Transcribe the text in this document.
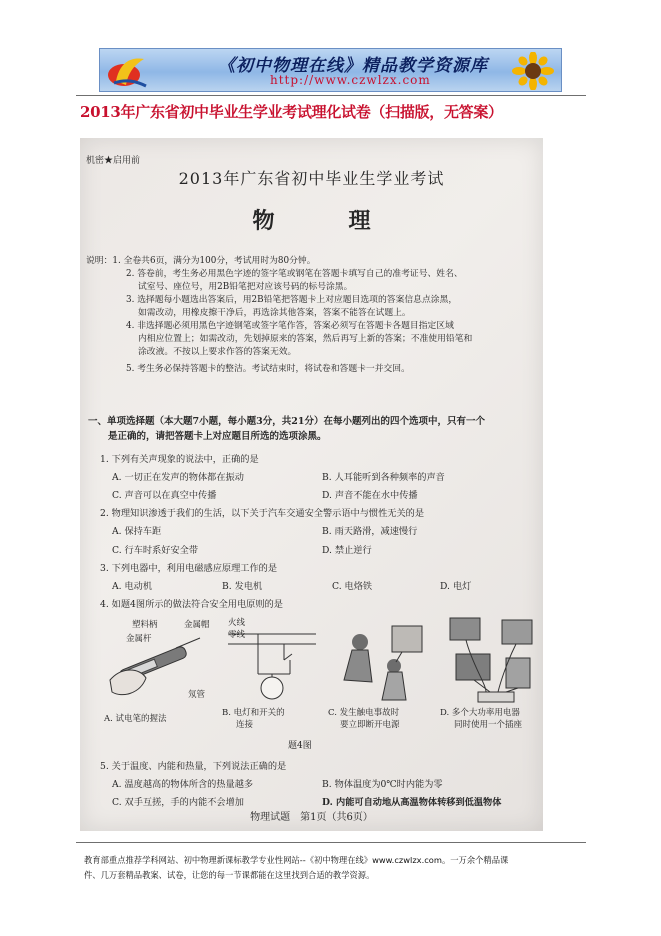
《初中物理在线》精品教学资源库
http://www.czwlzx.com
2013年广东省初中毕业生学业考试理化试卷（扫描版，无答案）
机密★启用前
2013年广东省初中毕业生学业考试
物　理
说明：1. 全卷共6页，满分为100分，考试用时为80分钟。
2. 答卷前，考生务必用黑色字迹的签字笔或钢笔在答题卡填写自己的准考证号、姓名、
试室号、座位号，用2B铅笔把对应该号码的标号涂黑。
3. 选择题每小题选出答案后，用2B铅笔把答题卡上对应题目选项的答案信息点涂黑，
如需改动，用橡皮擦干净后，再选涂其他答案，答案不能答在试题上。
4. 非选择题必须用黑色字迹钢笔或签字笔作答，答案必须写在答题卡各题目指定区域
内相应位置上；如需改动，先划掉原来的答案，然后再写上新的答案；不准使用铅笔和
涂改液。不按以上要求作答的答案无效。
5. 考生务必保持答题卡的整洁。考试结束时，将试卷和答题卡一并交回。
一、单项选择题（本大题7小题，每小题3分，共21分）在每小题列出的四个选项中，只有一个
是正确的，请把答题卡上对应题目所选的选项涂黑。
1. 下列有关声现象的说法中，正确的是
A. 一切正在发声的物体都在振动	B. 人耳能听到各种频率的声音
C. 声音可以在真空中传播	D. 声音不能在水中传播
2. 物理知识渗透于我们的生活，以下关于汽车交通安全警示语中与惯性无关的是
A. 保持车距	B. 雨天路滑，减速慢行
C. 行车时系好安全带	D. 禁止逆行
3. 下列电器中，利用电磁感应原理工作的是
A. 电动机	B. 发电机	C. 电烙铁	D. 电灯
4. 如题4图所示的做法符合安全用电原则的是
塑料柄	金属帽
金属杆
氖管
火线
零线
A. 试电笔的握法
B. 电灯和开关的
连接
C. 发生触电事故时
要立即断开电源
D. 多个大功率用电器
同时使用一个插座
题4图
5. 关于温度、内能和热量，下列说法正确的是
A. 温度越高的物体所含的热量越多	B. 物体温度为0℃时内能为零
C. 双手互搓，手的内能不会增加	D. 内能可自动地从高温物体转移到低温物体
物理试题　第1页（共6页）
教育部重点推荐学科网站、初中物理新课标教学专业性网站--《初中物理在线》www.czwlzx.com。一万余个精品课
件、几万套精品教案、试卷，让您的每一节课都能在这里找到合适的教学资源。
